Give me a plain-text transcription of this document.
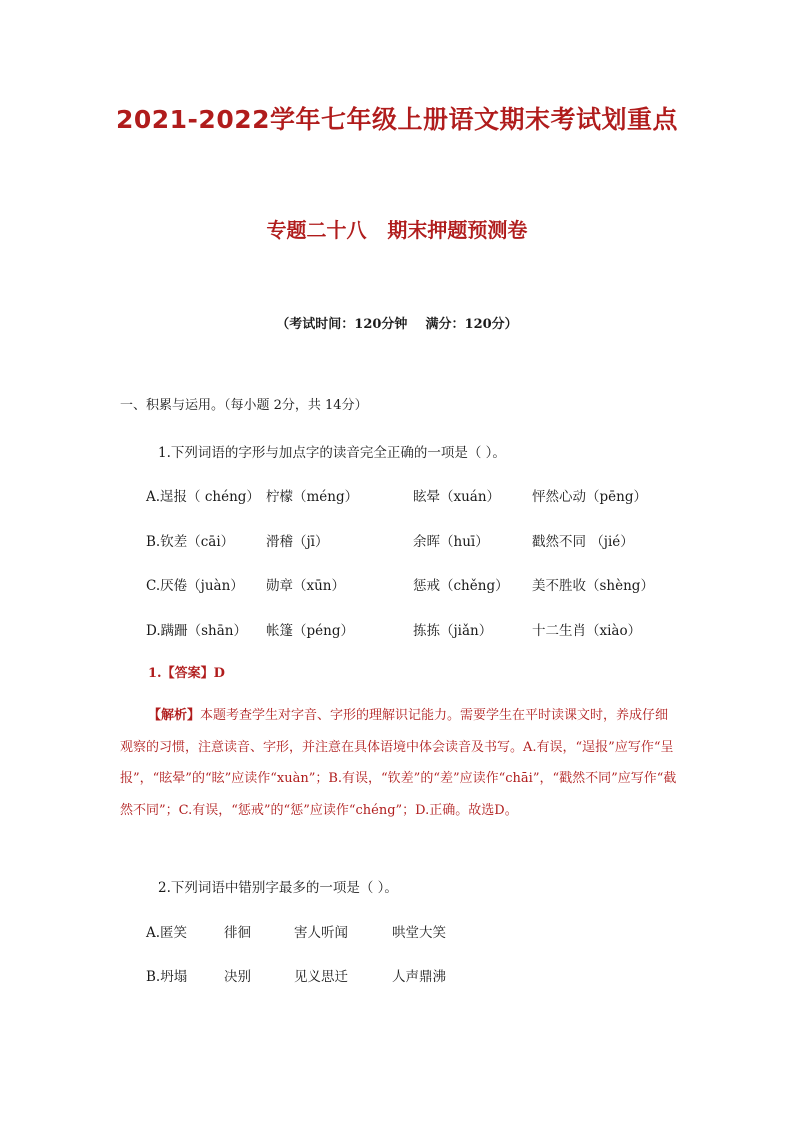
2021-2022学年七年级上册语文期末考试划重点
专题二十八   期末押题预测卷
（考试时间：120分钟    满分：120分）
一、积累与运用。（每小题 2分，共 14分）
1.下列词语的字形与加点字的读音完全正确的一项是（ ）。
A.逞报（ chéng） 柠檬（méng）	眩晕（xuán） 怦然心动（pēng）
B.钦差（cāi） 滑稽（jī）	余晖（huī）	戳然不同 （jié）
C.厌倦（juàn） 勋章（xūn）	惩戒（chěng） 美不胜收（shèng）
D.蹒跚（shān） 帐篷（péng）	拣拣（jiǎn）	十二生肖（xiào）
1.【答案】D
【解析】本题考查学生对字音、字形的理解识记能力。需要学生在平时读课文时，养成仔细观察的习惯，注意读音、字形，并注意在具体语境中体会读音及书写。A.有误，“逞报”应写作“呈报”，“眩晕”的“眩”应读作“xuàn”；B.有误，“钦差”的“差”应读作“chāi”，“戳然不同”应写作“截然不同”；C.有误，“惩戒”的“惩”应读作“chéng”；D.正确。故选D。
2.下列词语中错别字最多的一项是（ ）。
A.匿笑	徘徊	害人听闻	哄堂大笑
B.坍塌	决别	见义思迁	人声鼎沸
